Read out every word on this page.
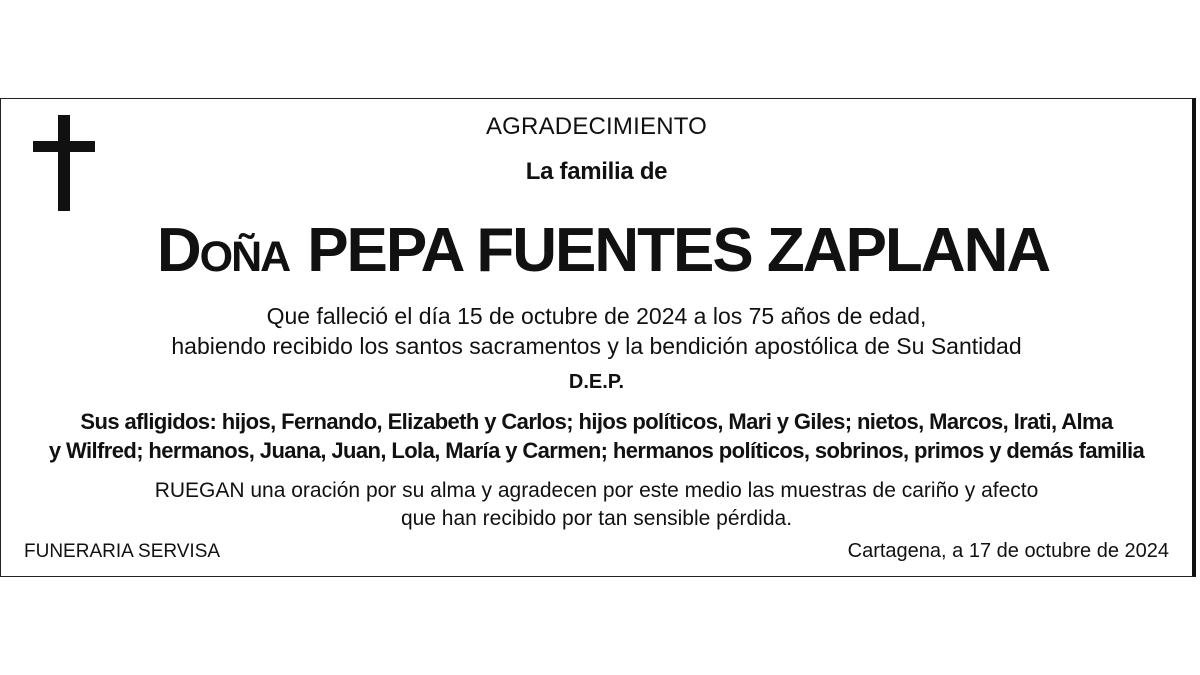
AGRADECIMIENTO
La familia de
Doña PEPA FUENTES ZAPLANA
Que falleció el día 15 de octubre de 2024 a los 75 años de edad,
habiendo recibido los santos sacramentos y la bendición apostólica de Su Santidad
D.E.P.
Sus afligidos: hijos, Fernando, Elizabeth y Carlos; hijos políticos, Mari y Giles; nietos, Marcos, Irati, Alma
y Wilfred; hermanos, Juana, Juan, Lola, María y Carmen; hermanos políticos, sobrinos, primos y demás familia
RUEGAN una oración por su alma y agradecen por este medio las muestras de cariño y afecto
que han recibido por tan sensible pérdida.
FUNERARIA SERVISA	Cartagena, a 17 de octubre de 2024
